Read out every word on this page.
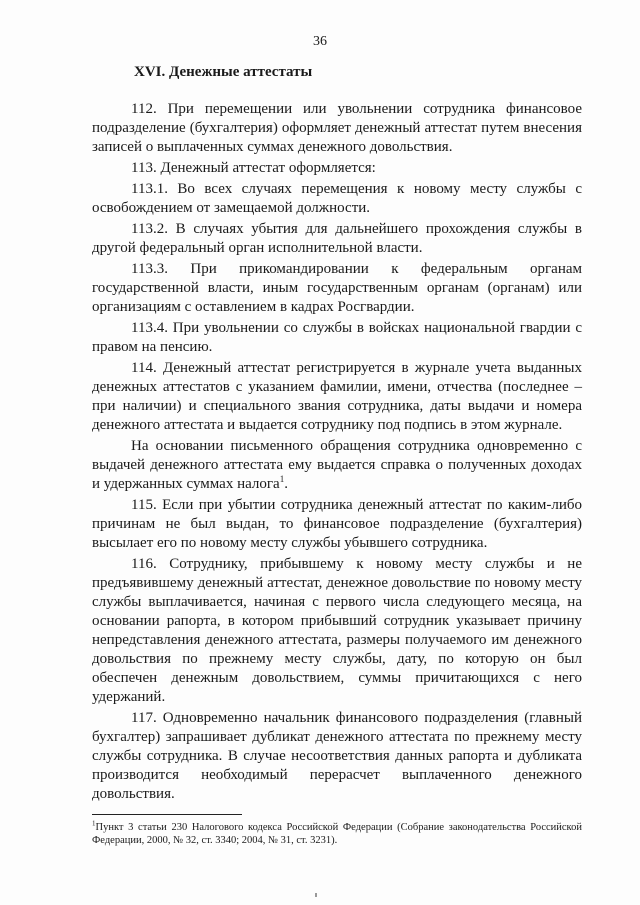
36
XVI. Денежные аттестаты

112. При перемещении или увольнении сотрудника финансовое подразделение (бухгалтерия) оформляет денежный аттестат путем внесения записей о выплаченных суммах денежного довольствия.

113. Денежный аттестат оформляется:

113.1. Во всех случаях перемещения к новому месту службы с освобождением от замещаемой должности.

113.2. В случаях убытия для дальнейшего прохождения службы в другой федеральный орган исполнительной власти.

113.3. При прикомандировании к федеральным органам государственной власти, иным государственным органам (органам) или организациям с оставлением в кадрах Росгвардии.

113.4. При увольнении со службы в войсках национальной гвардии с правом на пенсию.

114. Денежный аттестат регистрируется в журнале учета выданных денежных аттестатов с указанием фамилии, имени, отчества (последнее – при наличии) и специального звания сотрудника, даты выдачи и номера денежного аттестата и выдается сотруднику под подпись в этом журнале.

На основании письменного обращения сотрудника одновременно с выдачей денежного аттестата ему выдается справка о полученных доходах и удержанных суммах налога$^1$.

115. Если при убытии сотрудника денежный аттестат по каким-либо причинам не был выдан, то финансовое подразделение (бухгалтерия) высылает его по новому месту службы убывшего сотрудника.

116. Сотруднику, прибывшему к новому месту службы и не предъявившему денежный аттестат, денежное довольствие по новому месту службы выплачивается, начиная с первого числа следующего месяца, на основании рапорта, в котором прибывший сотрудник указывает причину непредставления денежного аттестата, размеры получаемого им денежного довольствия по прежнему месту службы, дату, по которую он был обеспечен денежным довольствием, суммы причитающихся с него удержаний.

117. Одновременно начальник финансового подразделения (главный бухгалтер) запрашивает дубликат денежного аттестата по прежнему месту службы сотрудника. В случае несоответствия данных рапорта и дубликата производится необходимый перерасчет выплаченного денежного довольствия.

$^1$Пункт 3 статьи 230 Налогового кодекса Российской Федерации (Собрание законодательства Российской Федерации, 2000, № 32, ст. 3340; 2004, № 31, ст. 3231).
